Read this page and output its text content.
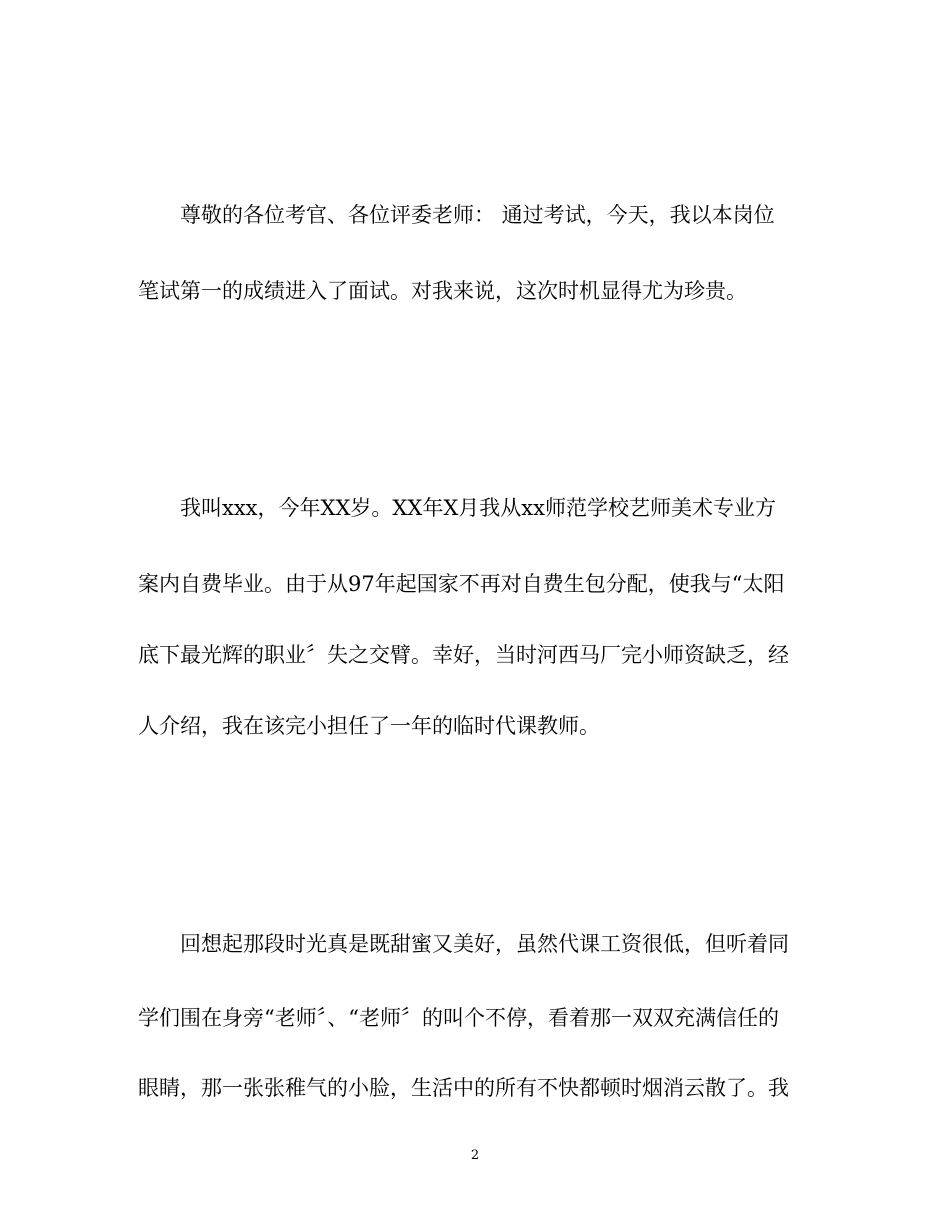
尊敬的各位考官、各位评委老师： 通过考试，今天，我以本岗位
笔试第一的成绩进入了面试。对我来说，这次时机显得尤为珍贵。
我叫xxx，今年XX岁。XX年X月我从xx师范学校艺师美术专业方
案内自费毕业。由于从97年起国家不再对自费生包分配，使我与“太阳
底下最光辉的职业〞失之交臂。幸好，当时河西马厂完小师资缺乏，经
人介绍，我在该完小担任了一年的临时代课教师。
回想起那段时光真是既甜蜜又美好，虽然代课工资很低，但听着同
学们围在身旁“老师〞、“老师〞的叫个不停，看着那一双双充满信任的
眼睛，那一张张稚气的小脸，生活中的所有不快都顿时烟消云散了。我
2
